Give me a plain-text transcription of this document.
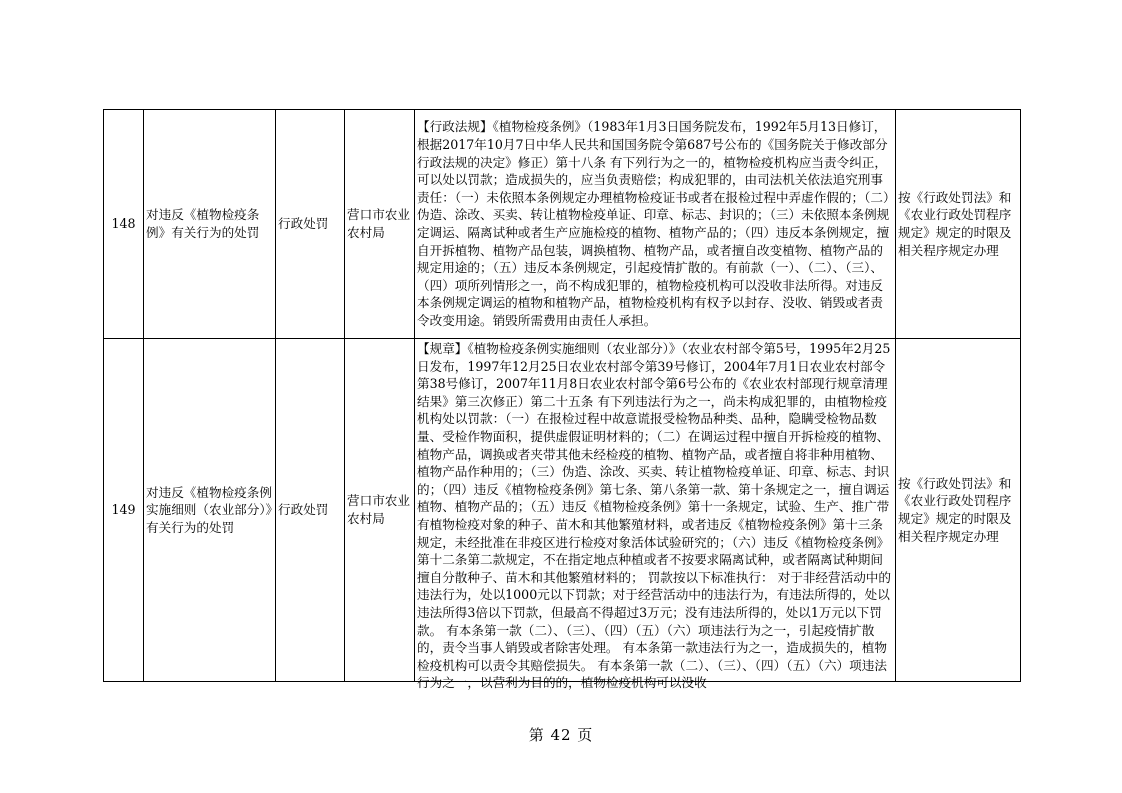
148	对违反《植物检疫条例》有关行为的处罚	行政处罚	营口市农业农村局	【行政法规】《植物检疫条例》（1983年1月3日国务院发布，1992年5月13日修订，根据2017年10月7日中华人民共和国国务院令第687号公布的《国务院关于修改部分行政法规的决定》修正）第十八条 有下列行为之一的，植物检疫机构应当责令纠正，可以处以罚款；造成损失的，应当负责赔偿；构成犯罪的，由司法机关依法追究刑事责任：（一）未依照本条例规定办理植物检疫证书或者在报检过程中弄虚作假的；（二）伪造、涂改、买卖、转让植物检疫单证、印章、标志、封识的；（三）未依照本条例规定调运、隔离试种或者生产应施检疫的植物、植物产品的；（四）违反本条例规定，擅自开拆植物、植物产品包装，调换植物、植物产品，或者擅自改变植物、植物产品的规定用途的；（五）违反本条例规定，引起疫情扩散的。有前款（一）、（二）、（三）、（四）项所列情形之一，尚不构成犯罪的，植物检疫机构可以没收非法所得。对违反本条例规定调运的植物和植物产品，植物检疫机构有权予以封存、没收、销毁或者责令改变用途。销毁所需费用由责任人承担。	按《行政处罚法》和《农业行政处罚程序规定》规定的时限及相关程序规定办理
149	对违反《植物检疫条例实施细则（农业部分）》有关行为的处罚	行政处罚	营口市农业农村局	【规章】《植物检疫条例实施细则（农业部分）》（农业农村部令第5号，1995年2月25日发布，1997年12月25日农业农村部令第39号修订，2004年7月1日农业农村部令第38号修订，2007年11月8日农业农村部令第6号公布的《农业农村部现行规章清理结果》第三次修正）第二十五条 有下列违法行为之一，尚未构成犯罪的，由植物检疫机构处以罚款：（一）在报检过程中故意谎报受检物品种类、品种，隐瞒受检物品数量、受检作物面积，提供虚假证明材料的；（二）在调运过程中擅自开拆检疫的植物、植物产品，调换或者夹带其他未经检疫的植物、植物产品，或者擅自将非种用植物、植物产品作种用的；（三）伪造、涂改、买卖、转让植物检疫单证、印章、标志、封识的；（四）违反《植物检疫条例》第七条、第八条第一款、第十条规定之一，擅自调运植物、植物产品的；（五）违反《植物检疫条例》第十一条规定，试验、生产、推广带有植物检疫对象的种子、苗木和其他繁殖材料，或者违反《植物检疫条例》第十三条规定，未经批准在非疫区进行检疫对象活体试验研究的；（六）违反《植物检疫条例》第十二条第二款规定，不在指定地点种植或者不按要求隔离试种，或者隔离试种期间擅自分散种子、苗木和其他繁殖材料的； 罚款按以下标准执行： 对于非经营活动中的违法行为，处以1000元以下罚款；对于经营活动中的违法行为，有违法所得的，处以违法所得3倍以下罚款，但最高不得超过3万元；没有违法所得的，处以1万元以下罚款。 有本条第一款（二）、（三）、（四）（五）（六）项违法行为之一，引起疫情扩散的，责令当事人销毁或者除害处理。 有本条第一款违法行为之一，造成损失的，植物检疫机构可以责令其赔偿损失。 有本条第一款（二）、（三）、（四）（五）（六）项违法行为之一，以营利为目的的，植物检疫机构可以没收	按《行政处罚法》和《农业行政处罚程序规定》规定的时限及相关程序规定办理
第 42 页
